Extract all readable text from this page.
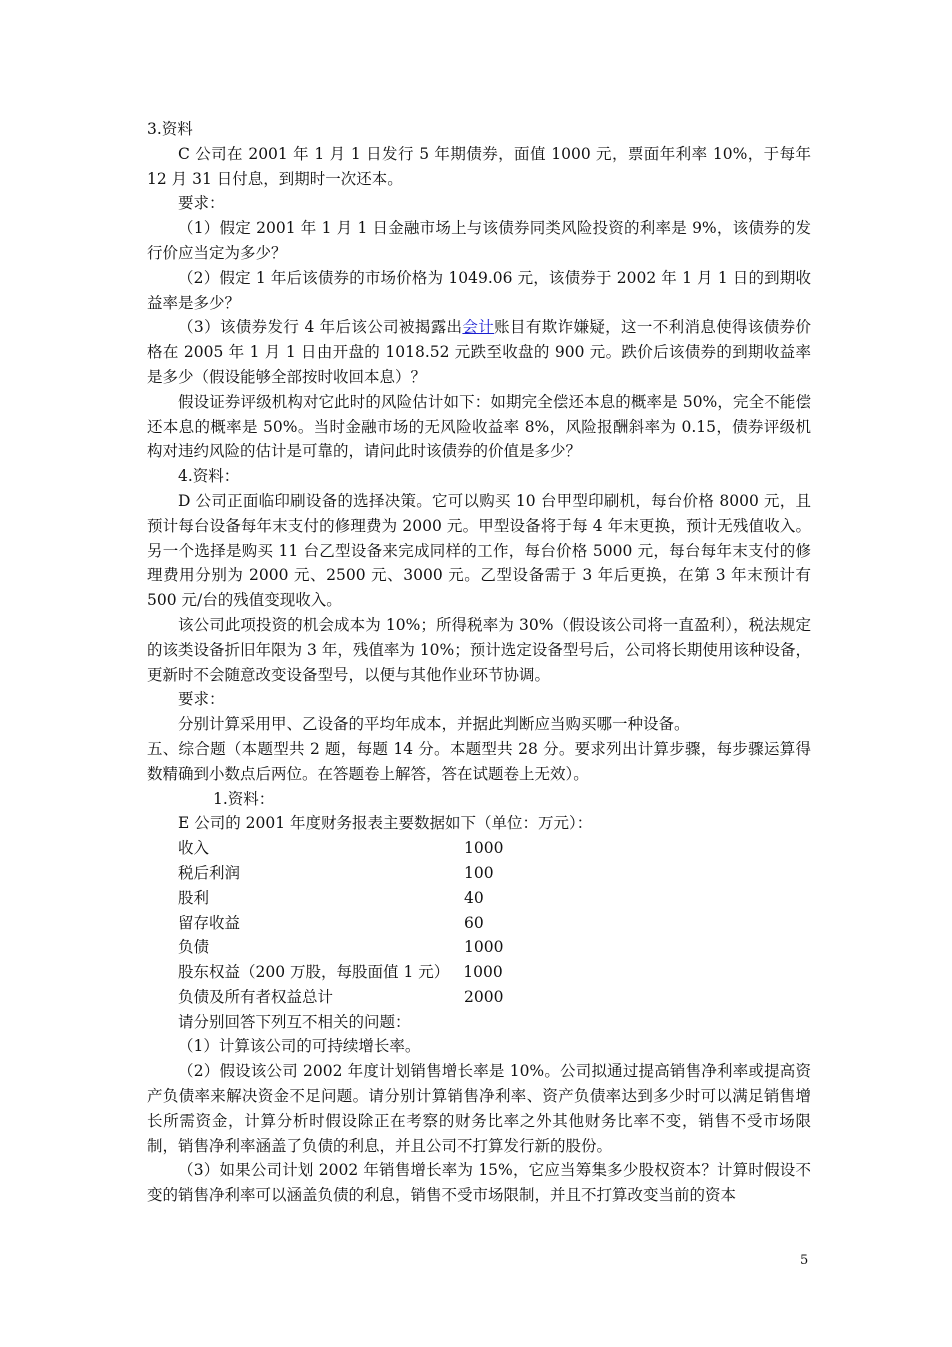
3.资料

C 公司在 2001 年 1 月 1 日发行 5 年期债券，面值 1000 元，票面年利率 10%，于每年 12 月 31 日付息，到期时一次还本。

要求：

（1）假定 2001 年 1 月 1 日金融市场上与该债券同类风险投资的利率是 9%，该债券的发行价应当定为多少？

（2）假定 1 年后该债券的市场价格为 1049.06 元，该债券于 2002 年 1 月 1 日的到期收益率是多少？

（3）该债券发行 4 年后该公司被揭露出会计账目有欺诈嫌疑，这一不利消息使得该债券价格在 2005 年 1 月 1 日由开盘的 1018.52 元跌至收盘的 900 元。跌价后该债券的到期收益率是多少（假设能够全部按时收回本息）？

假设证券评级机构对它此时的风险估计如下：如期完全偿还本息的概率是 50%，完全不能偿还本息的概率是 50%。当时金融市场的无风险收益率 8%，风险报酬斜率为 0.15，债券评级机构对违约风险的估计是可靠的，请问此时该债券的价值是多少？

4.资料：

D 公司正面临印刷设备的选择决策。它可以购买 10 台甲型印刷机，每台价格 8000 元，且预计每台设备每年末支付的修理费为 2000 元。甲型设备将于每 4 年末更换，预计无残值收入。另一个选择是购买 11 台乙型设备来完成同样的工作，每台价格 5000 元，每台每年末支付的修理费用分别为 2000 元、2500 元、3000 元。乙型设备需于 3 年后更换，在第 3 年末预计有 500 元/台的残值变现收入。

该公司此项投资的机会成本为 10%；所得税率为 30%（假设该公司将一直盈利），税法规定的该类设备折旧年限为 3 年，残值率为 10%；预计选定设备型号后，公司将长期使用该种设备，更新时不会随意改变设备型号，以便与其他作业环节协调。

要求：

分别计算采用甲、乙设备的平均年成本，并据此判断应当购买哪一种设备。

五、综合题（本题型共 2 题，每题 14 分。本题型共 28 分。要求列出计算步骤，每步骤运算得数精确到小数点后两位。在答题卷上解答，答在试题卷上无效）。

1.资料：

E 公司的 2001 年度财务报表主要数据如下（单位：万元）：

收入	1000
税后利润	100
股利	40
留存收益	60
负债	1000
股东权益（200 万股，每股面值 1 元） 1000
负债及所有者权益总计	2000

请分别回答下列互不相关的问题：

（1）计算该公司的可持续增长率。

（2）假设该公司 2002 年度计划销售增长率是 10%。公司拟通过提高销售净利率或提高资产负债率来解决资金不足问题。请分别计算销售净利率、资产负债率达到多少时可以满足销售增长所需资金，计算分析时假设除正在考察的财务比率之外其他财务比率不变，销售不受市场限制，销售净利率涵盖了负债的利息，并且公司不打算发行新的股份。

（3）如果公司计划 2002 年销售增长率为 15%，它应当筹集多少股权资本？计算时假设不变的销售净利率可以涵盖负债的利息，销售不受市场限制，并且不打算改变当前的资本

5
